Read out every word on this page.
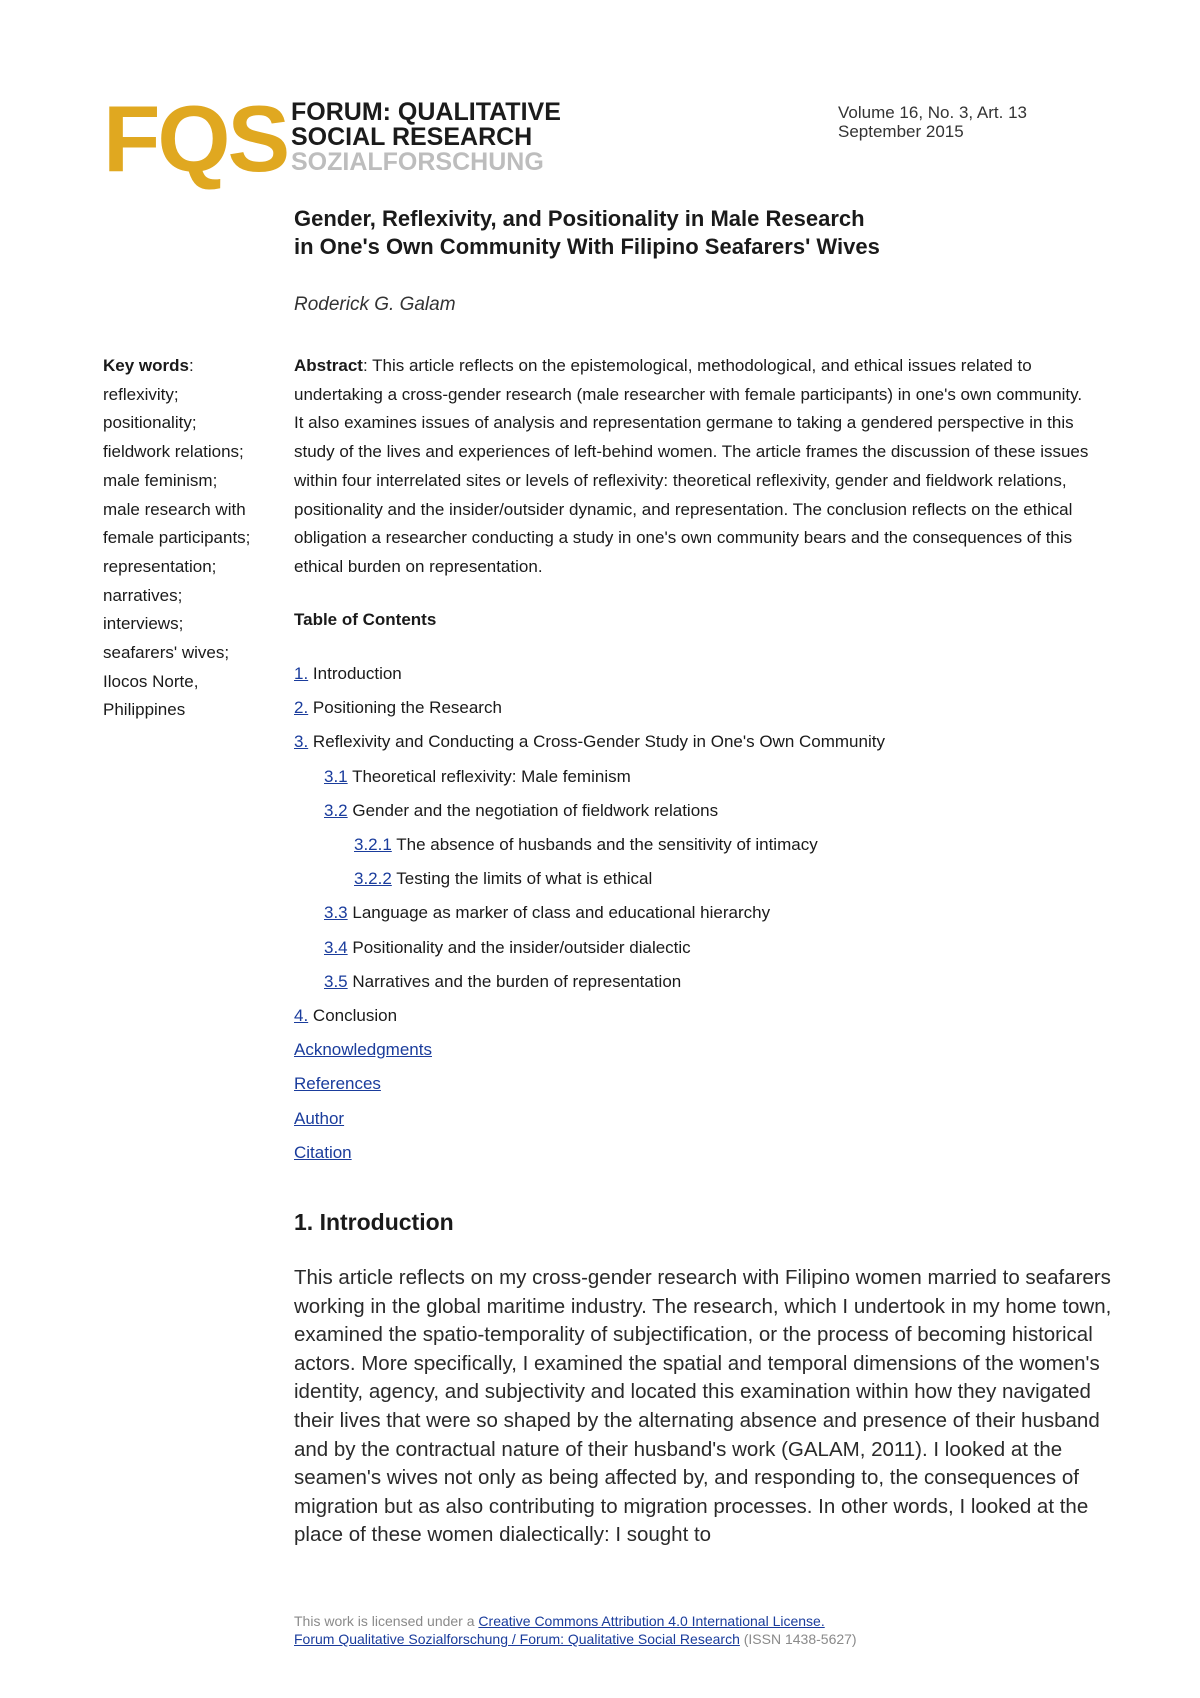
FQS FORUM: QUALITATIVE
SOCIAL RESEARCH
SOZIALFORSCHUNG
Volume 16, No. 3, Art. 13
September 2015
Gender, Reflexivity, and Positionality in Male Research
in One's Own Community With Filipino Seafarers' Wives
Roderick G. Galam
Key words:
reflexivity;
positionality;
fieldwork relations;
male feminism;
male research with female participants;
representation;
narratives;
interviews;
seafarers' wives;
Ilocos Norte, Philippines

Abstract: This article reflects on the epistemological, methodological, and ethical issues related to undertaking a cross-gender research (male researcher with female participants) in one's own community. It also examines issues of analysis and representation germane to taking a gendered perspective in this study of the lives and experiences of left-behind women. The article frames the discussion of these issues within four interrelated sites or levels of reflexivity: theoretical reflexivity, gender and fieldwork relations, positionality and the insider/outsider dynamic, and representation. The conclusion reflects on the ethical obligation a researcher conducting a study in one's own community bears and the consequences of this ethical burden on representation.

Table of Contents
1. Introduction
2. Positioning the Research
3. Reflexivity and Conducting a Cross-Gender Study in One's Own Community
3.1 Theoretical reflexivity: Male feminism
3.2 Gender and the negotiation of fieldwork relations
3.2.1 The absence of husbands and the sensitivity of intimacy
3.2.2 Testing the limits of what is ethical
3.3 Language as marker of class and educational hierarchy
3.4 Positionality and the insider/outsider dialectic
3.5 Narratives and the burden of representation
4. Conclusion
Acknowledgments
References
Author
Citation
1. Introduction

This article reflects on my cross-gender research with Filipino women married to seafarers working in the global maritime industry. The research, which I undertook in my home town, examined the spatio-temporality of subjectification, or the process of becoming historical actors. More specifically, I examined the spatial and temporal dimensions of the women's identity, agency, and subjectivity and located this examination within how they navigated their lives that were so shaped by the alternating absence and presence of their husband and by the contractual nature of their husband's work (GALAM, 2011). I looked at the seamen's wives not only as being affected by, and responding to, the consequences of migration but as also contributing to migration processes. In other words, I looked at the place of these women dialectically: I sought to

This work is licensed under a Creative Commons Attribution 4.0 International License.
Forum Qualitative Sozialforschung / Forum: Qualitative Social Research (ISSN 1438-5627)
